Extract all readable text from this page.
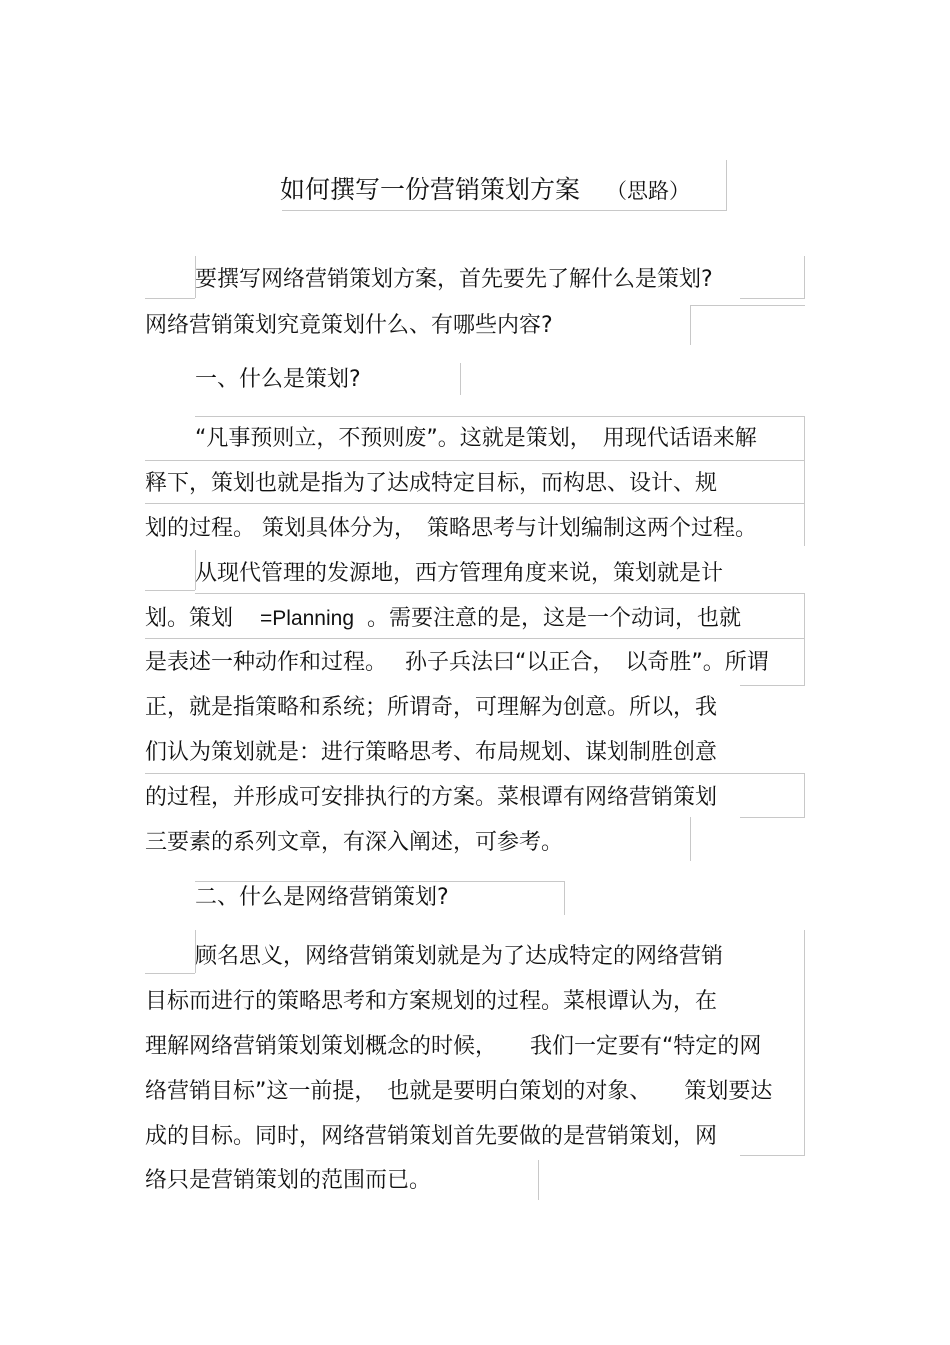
如何撰写一份营销策划方案 （思路）
要撰写网络营销策划方案，首先要先了解什么是策划?
网络营销策划究竟策划什么、有哪些内容?
一、什么是策划?
“凡事预则立，不预则废”。这就是策划，　用现代话语来解
释下，策划也就是指为了达成特定目标，而构思、设计、规
划的过程。 策划具体分为，　策略思考与计划编制这两个过程。
从现代管理的发源地，西方管理角度来说，策划就是计
划。策划 =Planning 。需要注意的是，这是一个动词，也就
是表述一种动作和过程。　 孙子兵法曰“以正合，　以奇胜”。所谓
正，就是指策略和系统；所谓奇，可理解为创意。所以，我
们认为策划就是：进行策略思考、布局规划、谋划制胜创意
的过程，并形成可安排执行的方案。菜根谭有网络营销策划
三要素的系列文章，有深入阐述，可参考。
二、什么是网络营销策划?
顾名思义，网络营销策划就是为了达成特定的网络营销
目标而进行的策略思考和方案规划的过程。菜根谭认为，在
理解网络营销策划策划概念的时候，　　我们一定要有“特定的网
络营销目标”这一前提，　也就是要明白策划的对象、　　策划要达
成的目标。同时，网络营销策划首先要做的是营销策划，网
络只是营销策划的范围而已。
